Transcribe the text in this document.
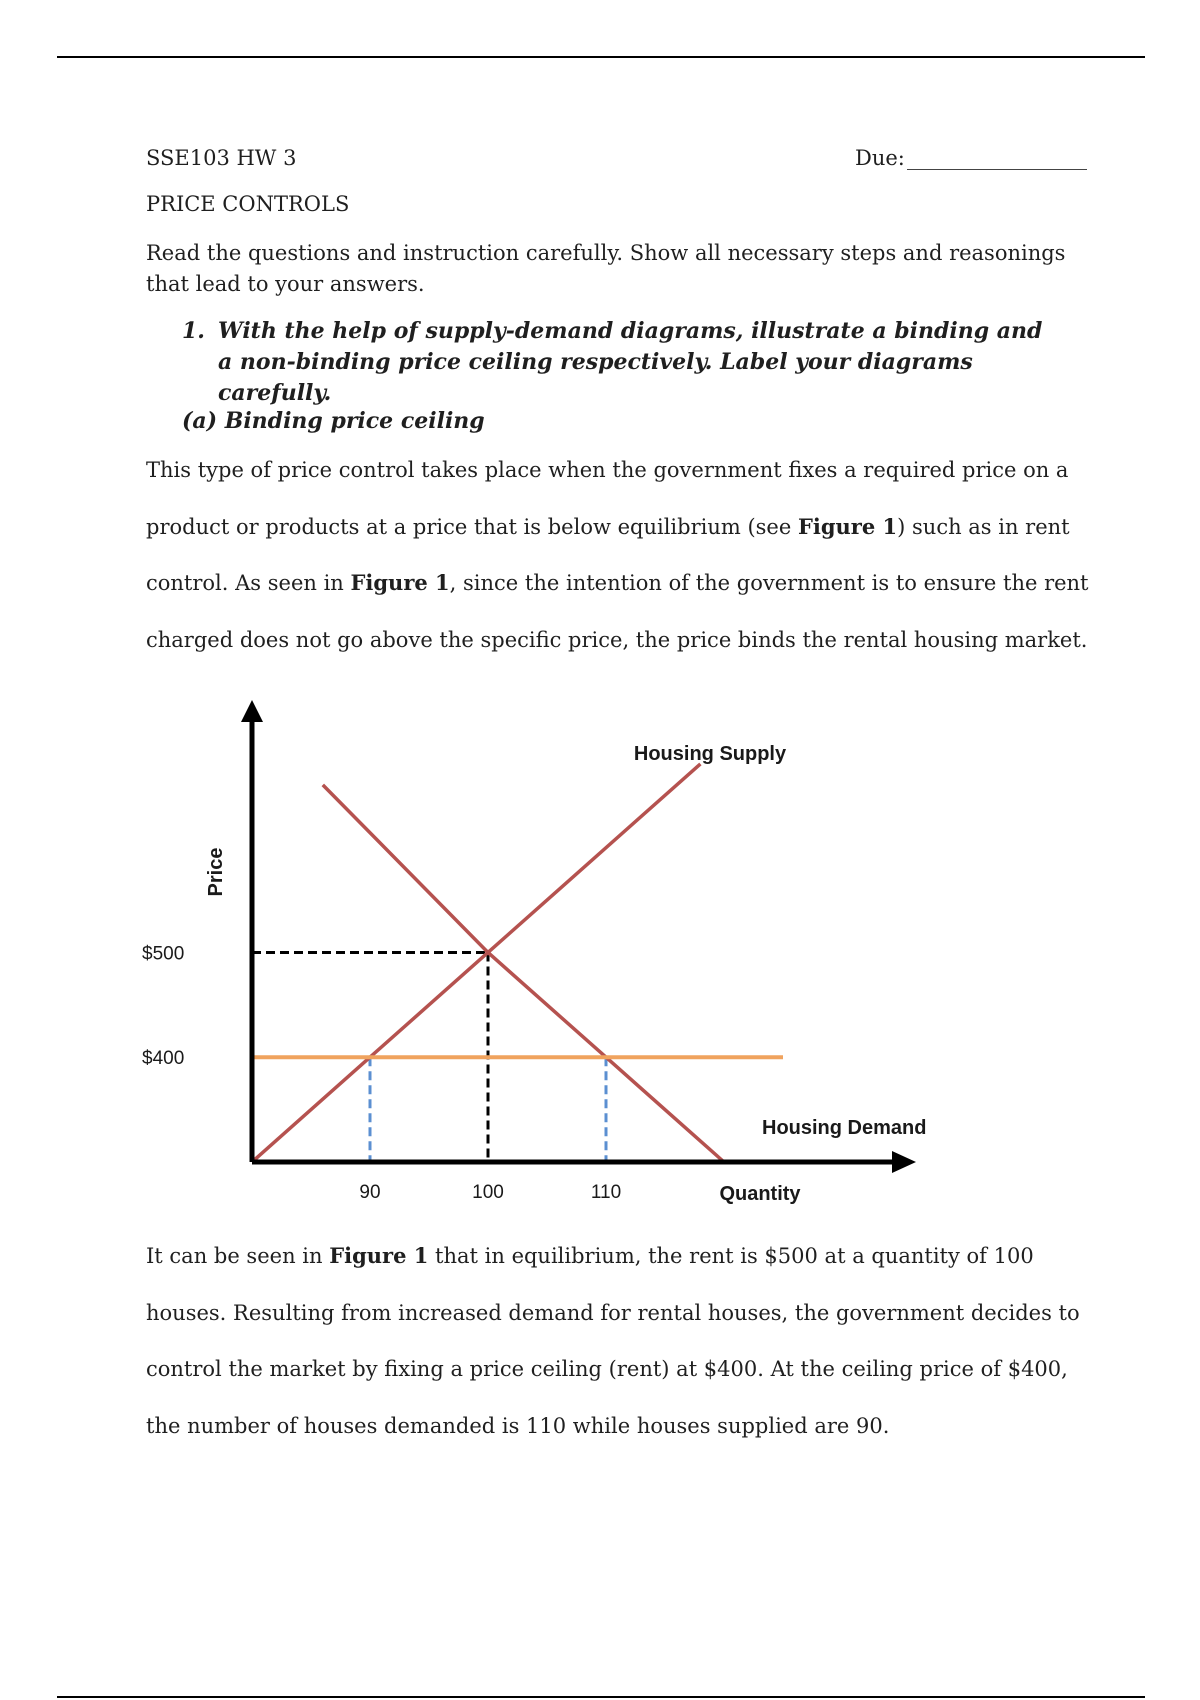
SSE103 HW 3	Due:
PRICE CONTROLS
Read the questions and instruction carefully. Show all necessary steps and reasonings that lead to your answers.
1. With the help of supply-demand diagrams, illustrate a binding and a non-binding price ceiling respectively. Label your diagrams carefully.
(a) Binding price ceiling
This type of price control takes place when the government fixes a required price on a product or products at a price that is below equilibrium (see Figure 1) such as in rent control. As seen in Figure 1, since the intention of the government is to ensure the rent charged does not go above the specific price, the price binds the rental housing market.
$500
$400
90	100	110
Price
Quantity
Housing Supply
Housing Demand
It can be seen in Figure 1 that in equilibrium, the rent is $500 at a quantity of 100 houses. Resulting from increased demand for rental houses, the government decides to control the market by fixing a price ceiling (rent) at $400. At the ceiling price of $400, the number of houses demanded is 110 while houses supplied are 90.
